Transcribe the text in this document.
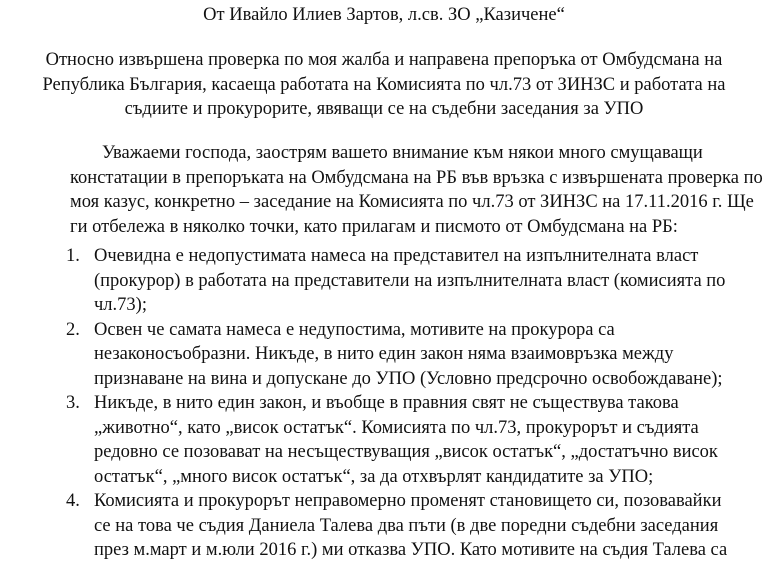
От Ивайло Илиев Зартов, л.св. ЗО „Казичене“
Относно извършена проверка по моя жалба и направена препоръка от Омбудсмана на
Република България, касаеща работата на Комисията по чл.73 от ЗИНЗС и работата на
съдиите и прокурорите, явяващи се на съдебни заседания за УПО
Уважаеми господа, заострям вашето внимание към някои много смущаващи
констатации в препоръката на Омбудсмана на РБ във връзка с извършената проверка по
моя казус, конкретно – заседание на Комисията по чл.73 от ЗИНЗС на 17.11.2016 г. Ще
ги отбележа в няколко точки, като прилагам и писмото от Омбудсмана на РБ:
1. Очевидна е недопустимата намеса на представител на изпълнителната власт
(прокурор) в работата на представители на изпълнителната власт (комисията по
чл.73);
2. Освен че самата намеса е недупостима, мотивите на прокурора са
незаконосъобразни. Никъде, в нито един закон няма взаимовръзка между
признаване на вина и допускане до УПО (Условно предсрочно освобождаване);
3. Никъде, в нито един закон, и въобще в правния свят не съществува такова
„животно“, като „висок остатък“. Комисията по чл.73, прокурорът и съдията
редовно се позовават на несъществуващия „висок остатък“, „достатъчно висок
остатък“, „много висок остатък“, за да отхвърлят кандидатите за УПО;
4. Комисията и прокурорът неправомерно променят становището си, позовавайки
се на това че съдия Даниела Талева два пъти (в две поредни съдебни заседания
през м.март и м.юли 2016 г.) ми отказва УПО. Като мотивите на съдия Талева са
